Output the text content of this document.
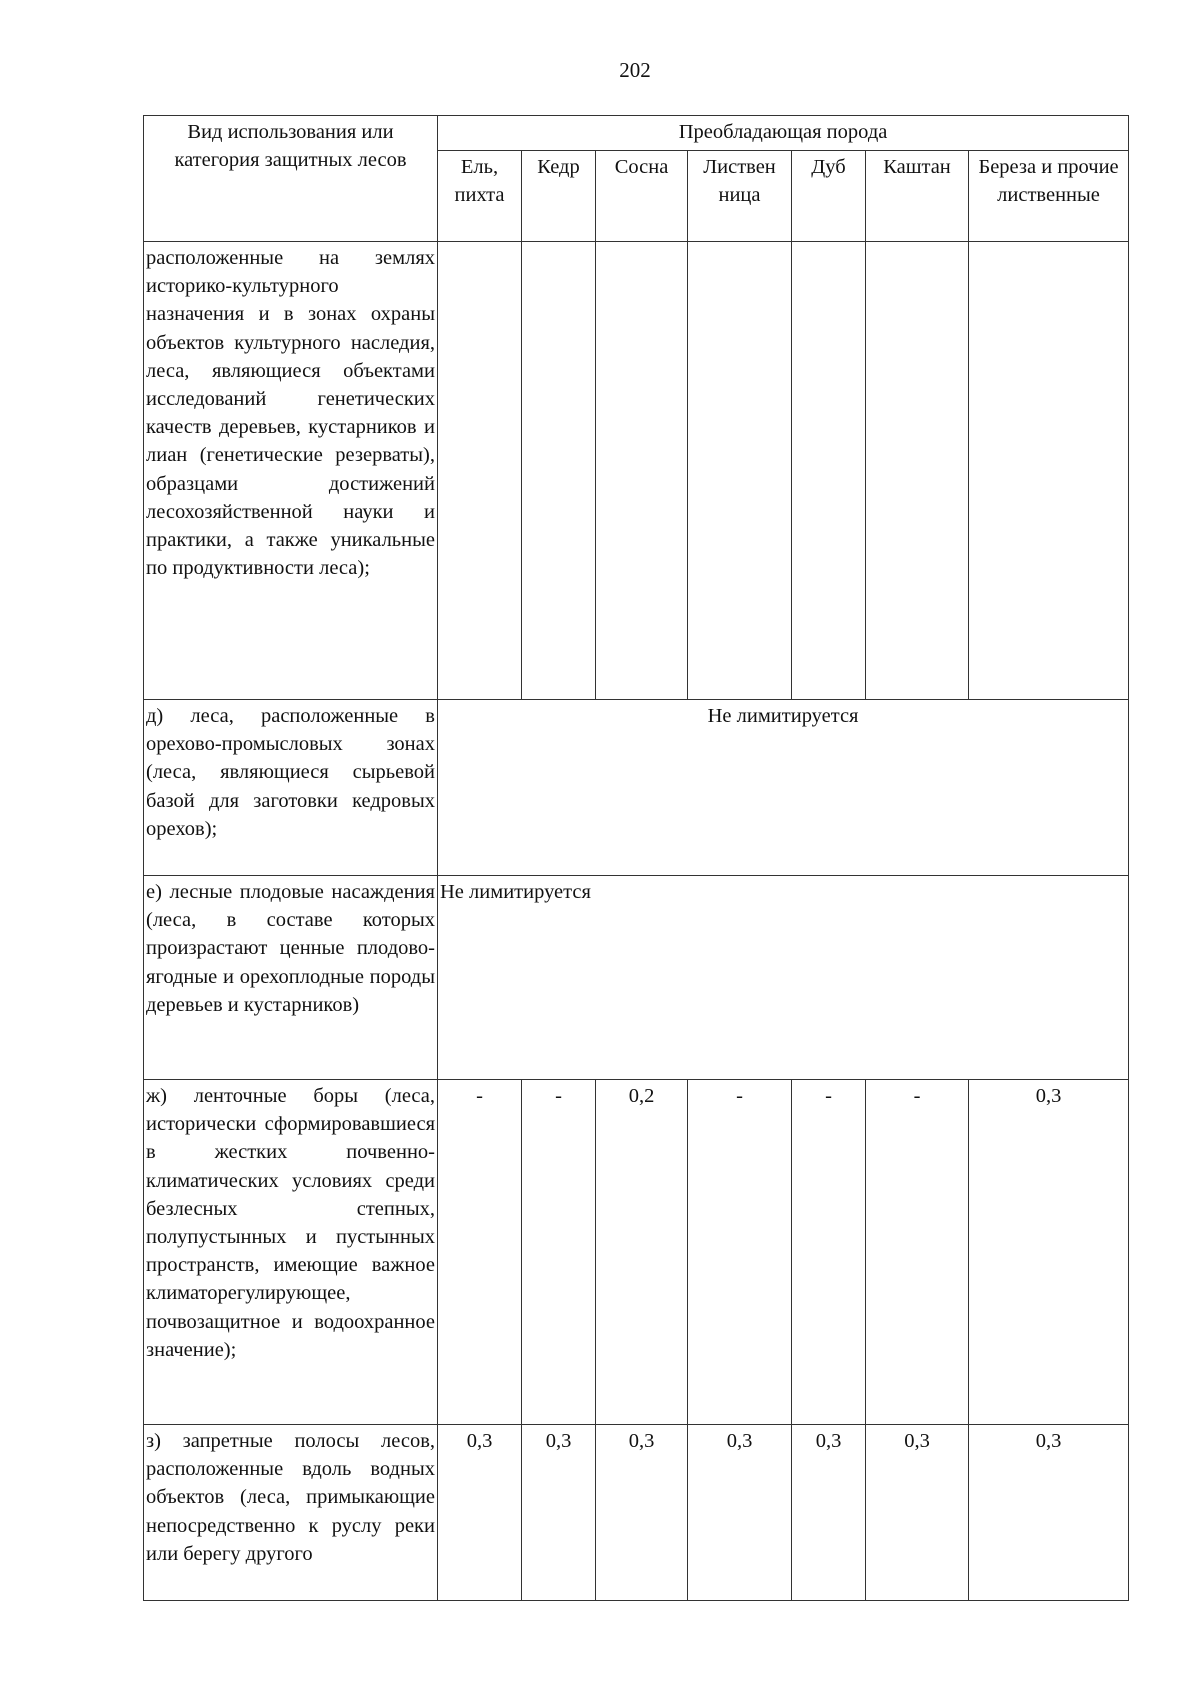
202
Вид использования или категория защитных лесов	Преобладающая порода						
	Ель, пихта	Кедр	Сосна	Листвен ница	Дуб	Каштан	Береза и прочие лиственные
расположенные на землях историко-культурного назначения и в зонах охраны объектов культурного наследия, леса, являющиеся объектами исследований генетических качеств деревьев, кустарников и лиан (генетические резерваты), образцами достижений лесохозяйственной науки и практики, а также уникальные по продуктивности леса);							
д) леса, расположенные в орехово-промысловых зонах (леса, являющиеся сырьевой базой для заготовки кедровых орехов);	Не лимитируется						
е) лесные плодовые насаждения (леса, в составе которых произрастают ценные плодово-ягодные и орехоплодные породы деревьев и кустарников)	Не лимитируется						
ж) ленточные боры (леса, исторически сформировавшиеся в жестких почвенно-климатических условиях среди безлесных степных, полупустынных и пустынных пространств, имеющие важное климаторегулирующее, почвозащитное и водоохранное значение);	-	-	0,2	-	-	-	0,3
з) запретные полосы лесов, расположенные вдоль водных объектов (леса, примыкающие непосредственно к руслу реки или берегу другого	0,3	0,3	0,3	0,3	0,3	0,3	0,3
